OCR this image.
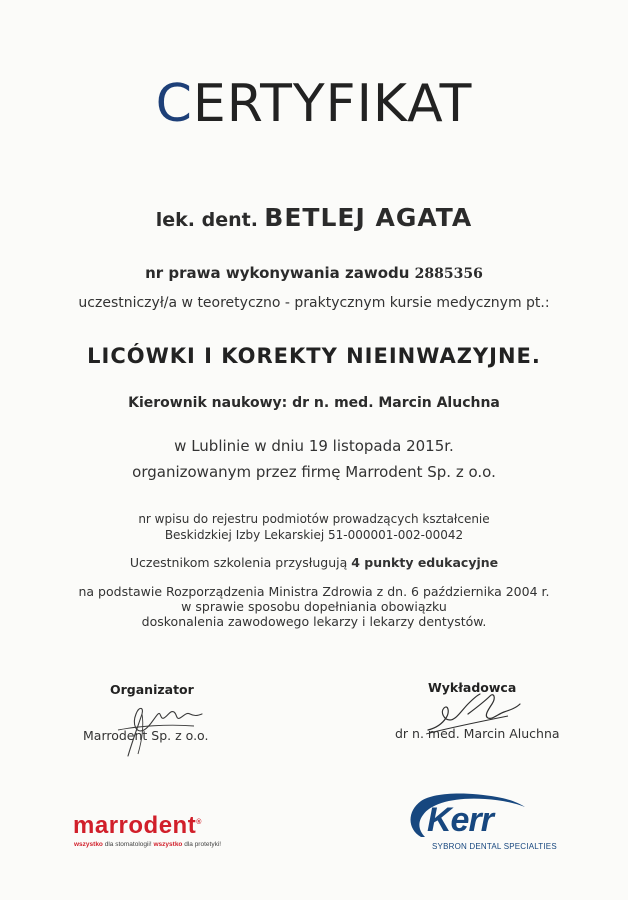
CERTYFIKAT
lek. dent. BETLEJ AGATA
nr prawa wykonywania zawodu 2885356
uczestniczył/a w teoretyczno - praktycznym kursie medycznym pt.:
LICÓWKI I KOREKTY NIEINWAZYJNE.
Kierownik naukowy: dr n. med. Marcin Aluchna
w Lublinie w dniu 19 listopada 2015r.
organizowanym przez firmę Marrodent Sp. z o.o.
nr wpisu do rejestru podmiotów prowadzących kształcenie
Beskidzkiej Izby Lekarskiej 51-000001-002-00042
Uczestnikom szkolenia przysługują 4 punkty edukacyjne
na podstawie Rozporządzenia Ministra Zdrowia z dn. 6 października 2004 r.
w sprawie sposobu dopełniania obowiązku
doskonalenia zawodowego lekarzy i lekarzy dentystów.
Organizator
Marrodent Sp. z o.o.
Wykładowca
dr n. med. Marcin Aluchna
marrodent®
wszystko dla stomatologii! wszystko dla protetyki!
Kerr
SYBRON DENTAL SPECIALTIES
